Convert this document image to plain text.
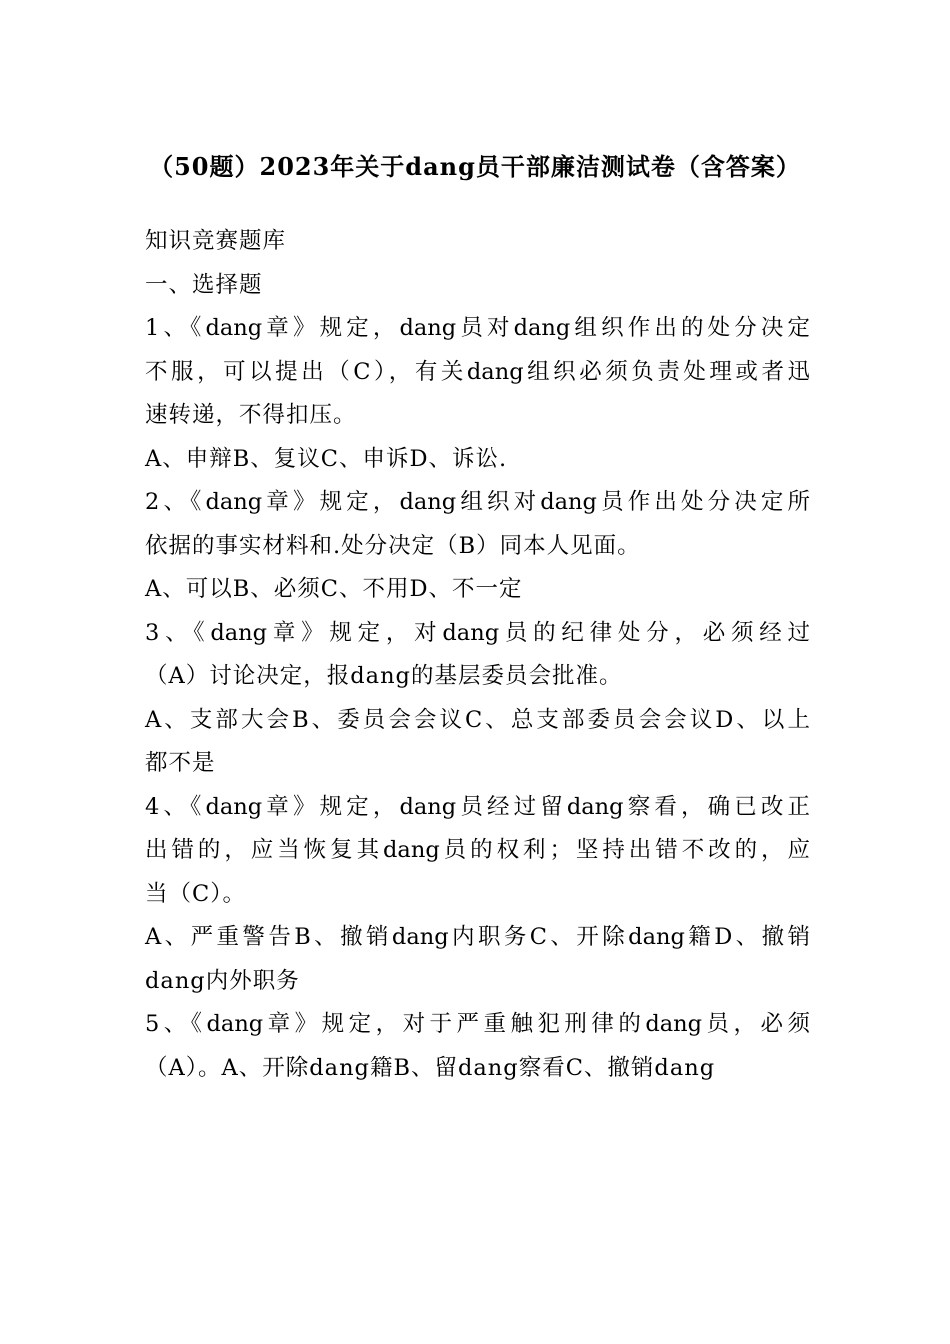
（50题）2023年关于dang员干部廉洁测试卷（含答案）
知识竞赛题库
一、选择题
1、《dang章》规定，dang员对dang组织作出的处分决定
不服，可以提出（C），有关dang组织必须负责处理或者迅
速转递，不得扣压。
A、申辩B、复议C、申诉D、诉讼.
2、《dang章》规定，dang组织对dang员作出处分决定所
依据的事实材料和.处分决定（B）同本人见面。
A、可以B、必须C、不用D、不一定
3、《dang章》规定，对dang员的纪律处分，必须经过
（A）讨论决定，报dang的基层委员会批准。
A、支部大会B、委员会会议C、总支部委员会会议D、以上
都不是
4、《dang章》规定，dang员经过留dang察看，确已改正
出错的，应当恢复其dang员的权利；坚持出错不改的，应
当（C）。
A、严重警告B、撤销dang内职务C、开除dang籍D、撤销
dang内外职务
5、《dang章》规定，对于严重触犯刑律的dang员，必须
（A）。A、开除dang籍B、留dang察看C、撤销dang
